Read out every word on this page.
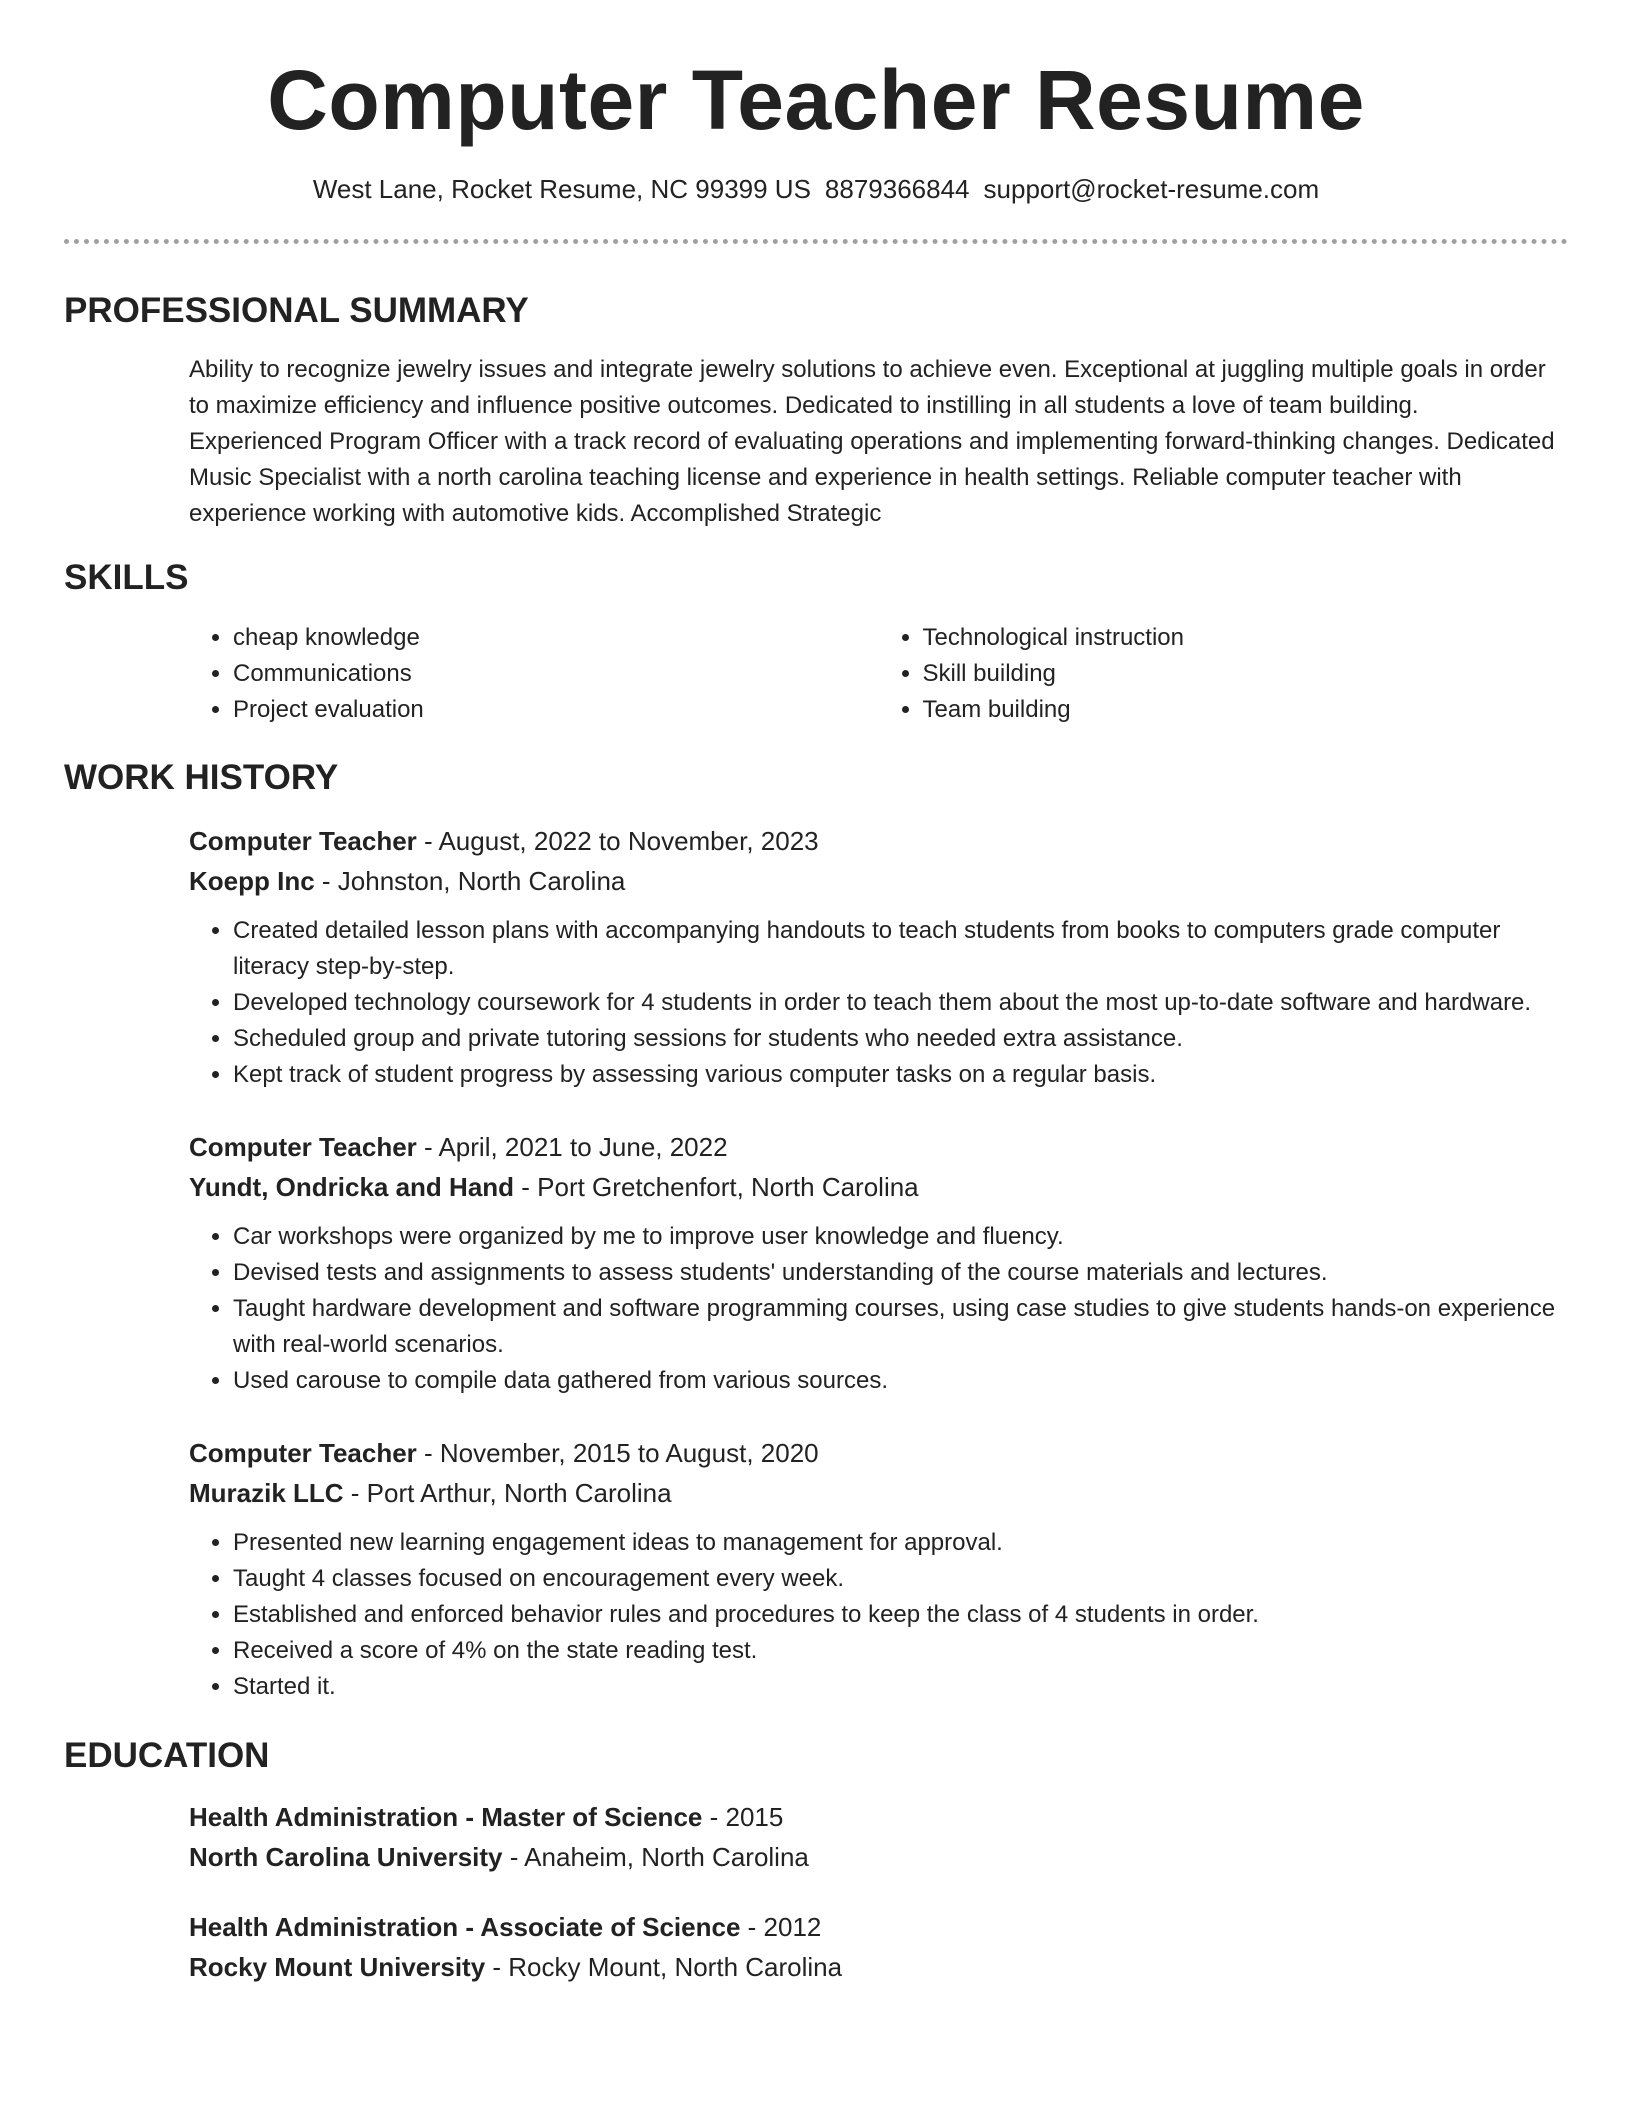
Computer Teacher Resume
West Lane, Rocket Resume, NC 99399 US 8879366844 support@rocket-resume.com
PROFESSIONAL SUMMARY

Ability to recognize jewelry issues and integrate jewelry solutions to achieve even. Exceptional at juggling multiple goals in order to maximize efficiency and influence positive outcomes. Dedicated to instilling in all students a love of team building. Experienced Program Officer with a track record of evaluating operations and implementing forward-thinking changes. Dedicated Music Specialist with a north carolina teaching license and experience in health settings. Reliable computer teacher with experience working with automotive kids. Accomplished Strategic

SKILLS
• cheap knowledge
• Communications
• Project evaluation
• Technological instruction
• Skill building
• Team building
WORK HISTORY
Computer Teacher - August, 2022 to November, 2023
Koepp Inc - Johnston, North Carolina
• Created detailed lesson plans with accompanying handouts to teach students from books to computers grade computer literacy step-by-step.
• Developed technology coursework for 4 students in order to teach them about the most up-to-date software and hardware.
• Scheduled group and private tutoring sessions for students who needed extra assistance.
• Kept track of student progress by assessing various computer tasks on a regular basis.
Computer Teacher - April, 2021 to June, 2022
Yundt, Ondricka and Hand - Port Gretchenfort, North Carolina
• Car workshops were organized by me to improve user knowledge and fluency.
• Devised tests and assignments to assess students' understanding of the course materials and lectures.
• Taught hardware development and software programming courses, using case studies to give students hands-on experience with real-world scenarios.
• Used carouse to compile data gathered from various sources.
Computer Teacher - November, 2015 to August, 2020
Murazik LLC - Port Arthur, North Carolina
• Presented new learning engagement ideas to management for approval.
• Taught 4 classes focused on encouragement every week.
• Established and enforced behavior rules and procedures to keep the class of 4 students in order.
• Received a score of 4% on the state reading test.
• Started it.
EDUCATION
Health Administration - Master of Science - 2015
North Carolina University - Anaheim, North Carolina
Health Administration - Associate of Science - 2012
Rocky Mount University - Rocky Mount, North Carolina
